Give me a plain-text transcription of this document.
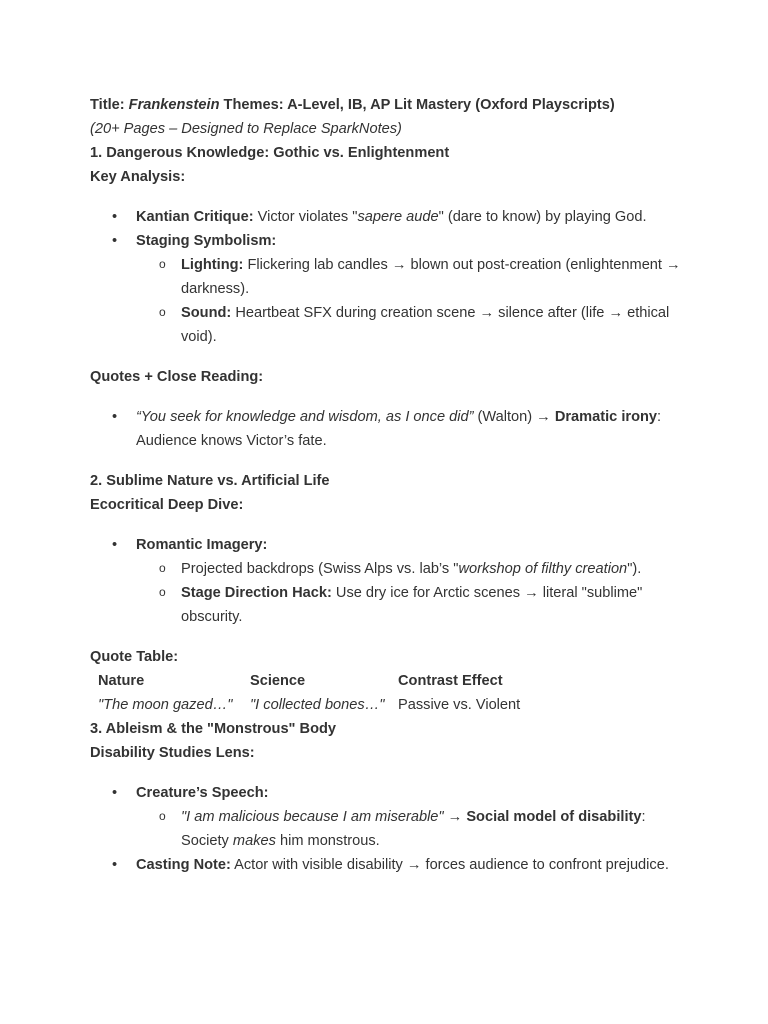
Title: Frankenstein Themes: A-Level, IB, AP Lit Mastery (Oxford Playscripts)

(20+ Pages – Designed to Replace SparkNotes)

1. Dangerous Knowledge: Gothic vs. Enlightenment

Key Analysis:

• Kantian Critique: Victor violates "sapere aude" (dare to know) by playing God.
• Staging Symbolism:
o Lighting: Flickering lab candles → blown out post-creation (enlightenment → darkness).
o Sound: Heartbeat SFX during creation scene → silence after (life → ethical void).

Quotes + Close Reading:

• “You seek for knowledge and wisdom, as I once did” (Walton) → Dramatic irony: Audience knows Victor’s fate.

2. Sublime Nature vs. Artificial Life

Ecocritical Deep Dive:

• Romantic Imagery:
o Projected backdrops (Swiss Alps vs. lab’s "workshop of filthy creation").
o Stage Direction Hack: Use dry ice for Arctic scenes → literal "sublime" obscurity.

Quote Table:

Nature	Science	Contrast Effect
"The moon gazed…"	"I collected bones…"	Passive vs. Violent

3. Ableism & the "Monstrous" Body

Disability Studies Lens:

• Creature’s Speech:
o "I am malicious because I am miserable" → Social model of disability: Society makes him monstrous.
• Casting Note: Actor with visible disability → forces audience to confront prejudice.
